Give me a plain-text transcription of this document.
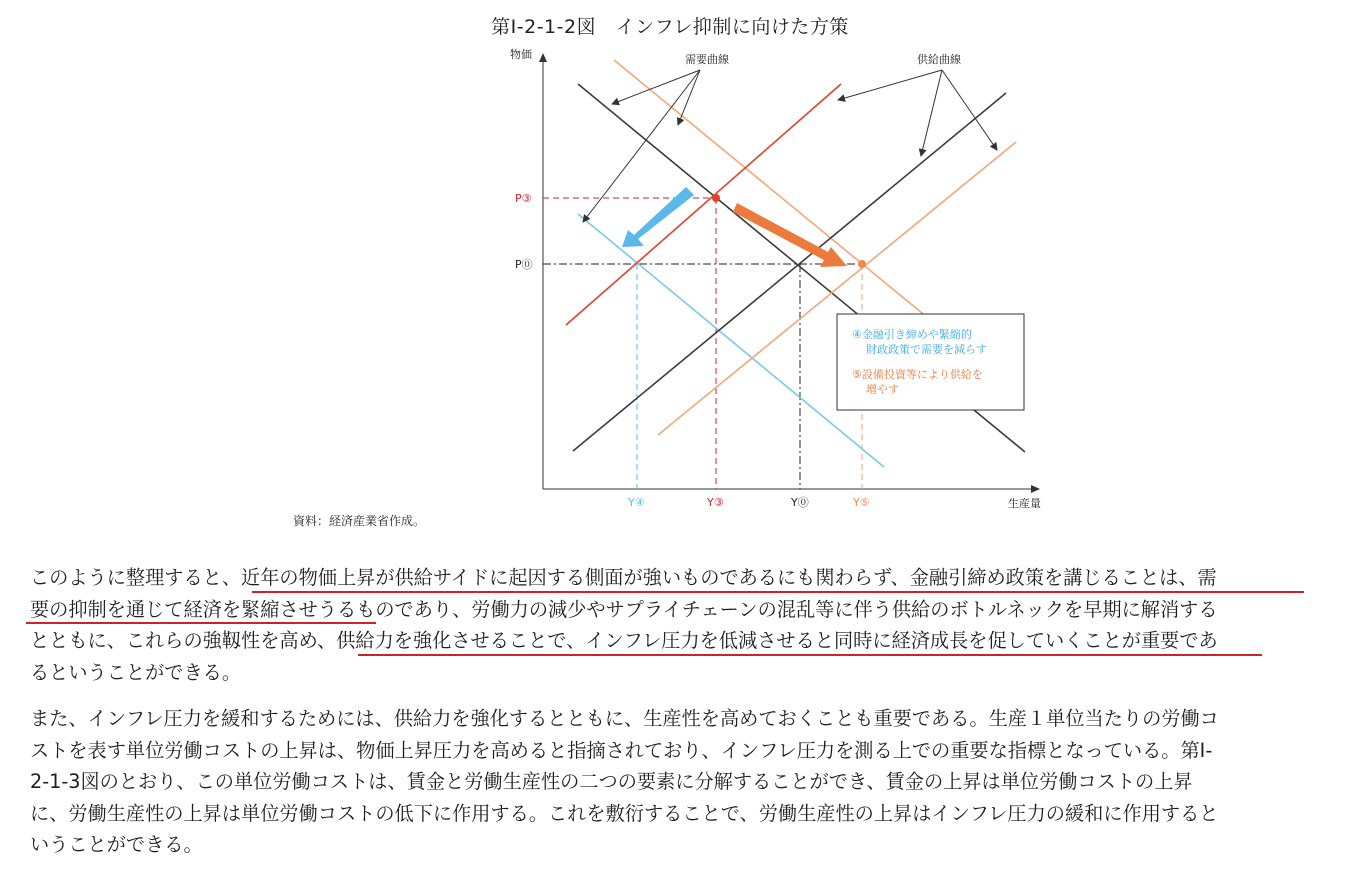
第Ⅰ-2-1-2図　インフレ抑制に向けた方策
物価
生産量
需要曲線	供給曲線
P③
P⓪
Y④	Y③	Y⓪	Y⑤
④金融引き締めや緊縮的
財政政策で需要を減らす
⑤設備投資等により供給を
増やす
資料：経済産業省作成。
このように整理すると、近年の物価上昇が供給サイドに起因する側面が強いものであるにも関わらず、金融引締め政策を講じることは、需
要の抑制を通じて経済を緊縮させうるものであり、労働力の減少やサプライチェーンの混乱等に伴う供給のボトルネックを早期に解消する
とともに、これらの強靱性を高め、供給力を強化させることで、インフレ圧力を低減させると同時に経済成長を促していくことが重要であ
るということができる。
また、インフレ圧力を緩和するためには、供給力を強化するとともに、生産性を高めておくことも重要である。生産１単位当たりの労働コ
ストを表す単位労働コストの上昇は、物価上昇圧力を高めると指摘されており、インフレ圧力を測る上での重要な指標となっている。第Ⅰ-
2-1-3図のとおり、この単位労働コストは、賃金と労働生産性の二つの要素に分解することができ、賃金の上昇は単位労働コストの上昇
に、労働生産性の上昇は単位労働コストの低下に作用する。これを敷衍することで、労働生産性の上昇はインフレ圧力の緩和に作用すると
いうことができる。
